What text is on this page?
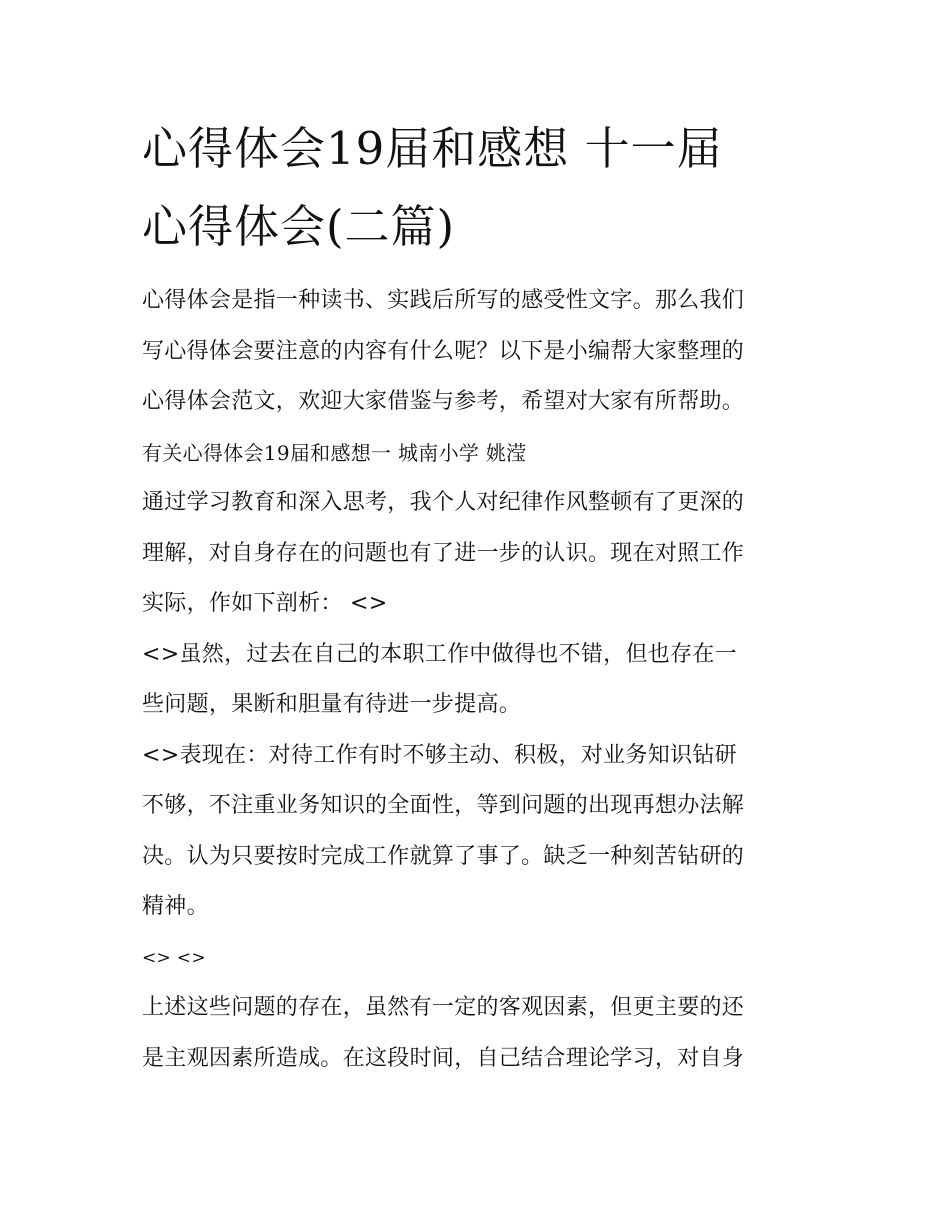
心得体会19届和感想 十一届
心得体会(二篇)

心得体会是指一种读书、实践后所写的感受性文字。那么我们
写心得体会要注意的内容有什么呢？以下是小编帮大家整理的
心得体会范文，欢迎大家借鉴与参考，希望对大家有所帮助。

有关心得体会19届和感想一 城南小学 姚滢

通过学习教育和深入思考，我个人对纪律作风整顿有了更深的
理解，对自身存在的问题也有了进一步的认识。现在对照工作
实际，作如下剖析： <>

<>虽然，过去在自己的本职工作中做得也不错，但也存在一
些问题，果断和胆量有待进一步提高。

<>表现在：对待工作有时不够主动、积极，对业务知识钻研
不够，不注重业务知识的全面性，等到问题的出现再想办法解
决。认为只要按时完成工作就算了事了。缺乏一种刻苦钻研的
精神。

<> <>

上述这些问题的存在，虽然有一定的客观因素，但更主要的还
是主观因素所造成。在这段时间，自己结合理论学习，对自身
